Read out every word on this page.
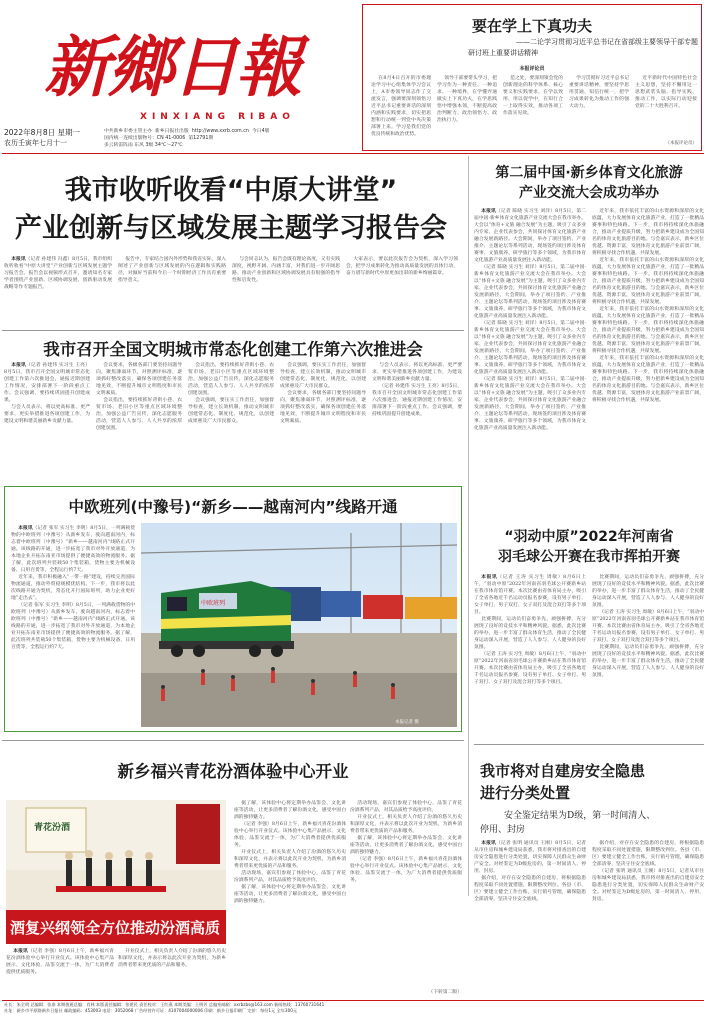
新鄉日報
XINXIANG RIBAO
2022年8月8日 星期一
农历壬寅年七月十一
中共新乡市委主管主办 新乡日报社出版 http://www.xxrb.com.cn 今日4版
国内统一连续出版物号：CN 41-0006 第12791期
多云转雷阵雨 东风 3级 34℃～27℃
要在学上下真功夫
——二论学习贯彻习近平总书记在省部级主要领导干部专题
研讨班上重要讲话精神
本报评论员

在8月4日召开的市委理论学习中心组集体学习会议上，A市委领导同志作了交流发言，强调要深刻领悟习近平总书记重要讲话的深刻内涵和实践要求，切实把思想和行动统一到党中央决策部署上来。学习是我们党的优良传统和政治优势。

领导干部要带头学习，把学习作为一种责任、一种追求、一种境界，在学懂弄通做实上下真功夫，在学思践悟中增强本领，不断提高政治判断力、政治领悟力、政治执行力。

范之处，要深刻领会党的创新理论的科学体系、核心要义和实践要求，在学以致用、用以促学中，在知行合一上取得实效，推动各项工作落实见效。

学习贯彻好习近平总书记重要讲话精神，要坚持学思用贯通、知信行统一，把学习成果转化为推动工作的强大动力。

近平新时代中国特色社会主义思想，坚持不懈用这一思想武装头脑、指导实践、推动工作，以实际行动迎接党的二十大胜利召开。

（本报评论员）
我市收听收看“中原大讲堂”
产业创新与区域发展主题学习报告会

本报讯（记者 孙建伟 冯鑫）8月5日，我市组织收听收看“中原大讲堂”产业创新与区域发展主题学习报告会。报告会以视频形式召开，邀请知名专家学者围绕产业创新、区域协调发展、创新驱动发展战略等作专题报告。

报告中，专家结合国内外形势和我省实际，深入阐述了产业创新与区域发展的内在逻辑和实践路径，对做好当前和今后一个时期经济工作具有重要指导意义。

与会同志认为，报告会既有理论高度，又有实践深度，视野开阔、内涵丰富，对我们进一步开阔思路、推动产业创新和区域协调发展具有很强的指导性和启发性。

大家表示，要以此次报告会为契机，深入学习领会，把学习成果转化为推动高质量发展的具体行动，奋力谱写新时代中原更加出彩的新乡绚丽篇章。

第二届中国·新乡体育文化旅游
产业交流大会成功举办

本报讯（记者 陈晓 实习生 刘洋）8月5日，第二届中国·新乡体育文化旅游产业交流大会在我市举办。大会以“体育+文旅 融合发展”为主题，吸引了众多业内专家、企业代表参会，共同探讨体育文化旅游产业融合发展新路径。大会期间，举办了项目签约、产业推介、主题论坛等系列活动，现场签约项目涉及体育赛事、文旅康养、研学旅行等多个领域，为我市体育文化旅游产业高质量发展注入新动能。

（记者 陈晓 实习生 刘洋）8月5日，第二届中国·新乡体育文化旅游产业交流大会在我市举办。大会以“体育+文旅 融合发展”为主题，吸引了众多业内专家、企业代表参会，共同探讨体育文化旅游产业融合发展新路径。大会期间，举办了项目签约、产业推介、主题论坛等系列活动，现场签约项目涉及体育赛事、文旅康养、研学旅行等多个领域，为我市体育文化旅游产业高质量发展注入新动能。

（记者 陈晓 实习生 刘洋）8月5日，第二届中国·新乡体育文化旅游产业交流大会在我市举办。大会以“体育+文旅 融合发展”为主题，吸引了众多业内专家、企业代表参会，共同探讨体育文化旅游产业融合发展新路径。大会期间，举办了项目签约、产业推介、主题论坛等系列活动，现场签约项目涉及体育赛事、文旅康养、研学旅行等多个领域，为我市体育文化旅游产业高质量发展注入新动能。

（记者 陈晓 实习生 刘洋）8月5日，第二届中国·新乡体育文化旅游产业交流大会在我市举办。大会以“体育+文旅 融合发展”为主题，吸引了众多业内专家、企业代表参会，共同探讨体育文化旅游产业融合发展新路径。大会期间，举办了项目签约、产业推介、主题论坛等系列活动，现场签约项目涉及体育赛事、文旅康养、研学旅行等多个领域，为我市体育文化旅游产业高质量发展注入新动能。

近年来，我市依托丰富的山水资源和深厚的文化底蕴，大力发展体育文化旅游产业，打造了一批精品赛事和特色线路。下一步，我市将持续深化体旅融合，推动产业提质升级，努力把新乡建设成为全国知名的体育文化旅游目的地。与会嘉宾表示，新乡区位优越、资源丰富，发展体育文化旅游产业前景广阔，将积极寻找合作机遇，共谋发展。

近年来，我市依托丰富的山水资源和深厚的文化底蕴，大力发展体育文化旅游产业，打造了一批精品赛事和特色线路。下一步，我市将持续深化体旅融合，推动产业提质升级，努力把新乡建设成为全国知名的体育文化旅游目的地。与会嘉宾表示，新乡区位优越、资源丰富，发展体育文化旅游产业前景广阔，将积极寻找合作机遇，共谋发展。

近年来，我市依托丰富的山水资源和深厚的文化底蕴，大力发展体育文化旅游产业，打造了一批精品赛事和特色线路。下一步，我市将持续深化体旅融合，推动产业提质升级，努力把新乡建设成为全国知名的体育文化旅游目的地。与会嘉宾表示，新乡区位优越、资源丰富，发展体育文化旅游产业前景广阔，将积极寻找合作机遇，共谋发展。

近年来，我市依托丰富的山水资源和深厚的文化底蕴，大力发展体育文化旅游产业，打造了一批精品赛事和特色线路。下一步，我市将持续深化体旅融合，推动产业提质升级，努力把新乡建设成为全国知名的体育文化旅游目的地。与会嘉宾表示，新乡区位优越、资源丰富，发展体育文化旅游产业前景广阔，将积极寻找合作机遇，共谋发展。

我市召开全国文明城市常态化创建工作第六次推进会

本报讯（记者 孙建伟 实习生 王亮）8月5日，我市召开全国文明城市常态化创建工作第六次推进会，通报近期创建工作情况，安排部署下一阶段重点工作。会议强调，要持续巩固提升创建成果。

与会人员表示，将以更高标准、更严要求、更实举措推进各项创建工作，为建设文明和谐美丽新乡贡献力量。

会议要求，各级各部门要坚持问题导向，聚焦薄弱环节，对照测评标准，逐项抓好整改落实，确保各项创建任务落地见效，不断提升城市文明程度和市民文明素质。

会议指出，要持续抓好背街小巷、农贸市场、老旧小区等重点区域环境整治，加强公益广告宣传，深化志愿服务活动，营造人人参与、人人共享的浓厚创建氛围。

会议指出，要持续抓好背街小巷、农贸市场、老旧小区等重点区域环境整治，加强公益广告宣传，深化志愿服务活动，营造人人参与、人人共享的浓厚创建氛围。

会议强调，要压实工作责任，加强督导检查，建立长效机制，推动文明城市创建常态化、制度化、规范化，以创建成果惠及广大市民群众。

会议强调，要压实工作责任，加强督导检查，建立长效机制，推动文明城市创建常态化、制度化、规范化，以创建成果惠及广大市民群众。

会议要求，各级各部门要坚持问题导向，聚焦薄弱环节，对照测评标准，逐项抓好整改落实，确保各项创建任务落地见效，不断提升城市文明程度和市民文明素质。

与会人员表示，将以更高标准、更严要求、更实举措推进各项创建工作，为建设文明和谐美丽新乡贡献力量。

（记者 孙建伟 实习生 王亮）8月5日，我市召开全国文明城市常态化创建工作第六次推进会，通报近期创建工作情况，安排部署下一阶段重点工作。会议强调，要持续巩固提升创建成果。

中欧班列(中豫号)“新乡——越南河内”线路开通

本报讯（记者 张军 实习生 李明）8月5日，一列满载货物的中欧班列（中豫号）从新乡发车，驶向越南河内，标志着中欧班列（中豫号）“新乡——越南河内”线路正式开通。该线路的开通，进一步拓宽了我市对外开放通道，为本地企业开拓东南亚市场提供了便捷高效的物流服务。据了解，此次班列共装载50个集装箱，货物主要为机械设备、日用百货等，全程运行约7天。

近年来，我市积极融入“一带一路”建设，持续完善国际物流通道，推动外贸稳规模优结构。下一步，我市将以此次线路开通为契机，常态化开行国际班列，助力企业更好地“走出去”。

（记者 张军 实习生 李明）8月5日，一列满载货物的中欧班列（中豫号）从新乡发车，驶向越南河内，标志着中欧班列（中豫号）“新乡——越南河内”线路正式开通。该线路的开通，进一步拓宽了我市对外开放通道，为本地企业开拓东南亚市场提供了便捷高效的物流服务。据了解，此次班列共装载50个集装箱，货物主要为机械设备、日用百货等，全程运行约7天。

中欧班列
本报记者 摄
“羽动中原”2022年河南省
羽毛球公开赛在我市挥拍开赛

本报讯（记者 王涛 实习生 周敏）8月6日上午，“羽动中原”2022年河南省羽毛球公开赛新乡站在我市体育馆开赛。本次比赛由省体育局主办，吸引了全省各地近千名运动员报名参赛，设有男子单打、女子单打、男子双打、女子双打及混合双打等多个项目。

比赛期间，运动员们奋勇争先、顽强拼搏，充分展现了良好的竞技水平和精神风貌。据悉，此次比赛的举办，进一步丰富了群众体育生活，推动了全民健身运动深入开展，营造了人人参与、人人健身的良好氛围。

（记者 王涛 实习生 周敏）8月6日上午，“羽动中原”2022年河南省羽毛球公开赛新乡站在我市体育馆开赛。本次比赛由省体育局主办，吸引了全省各地近千名运动员报名参赛，设有男子单打、女子单打、男子双打、女子双打及混合双打等多个项目。

比赛期间，运动员们奋勇争先、顽强拼搏，充分展现了良好的竞技水平和精神风貌。据悉，此次比赛的举办，进一步丰富了群众体育生活，推动了全民健身运动深入开展，营造了人人参与、人人健身的良好氛围。

（记者 王涛 实习生 周敏）8月6日上午，“羽动中原”2022年河南省羽毛球公开赛新乡站在我市体育馆开赛。本次比赛由省体育局主办，吸引了全省各地近千名运动员报名参赛，设有男子单打、女子单打、男子双打、女子双打及混合双打等多个项目。

比赛期间，运动员们奋勇争先、顽强拼搏，充分展现了良好的竞技水平和精神风貌。据悉，此次比赛的举办，进一步丰富了群众体育生活，推动了全民健身运动深入开展，营造了人人参与、人人健身的良好氛围。

新乡福兴青花汾酒体验中心开业
青花汾酒
酒复兴纲领全方位推动汾酒高质

本报讯（记者 李强）8月6日上午，新乡福兴青花汾酒体验中心举行开业仪式。该体验中心集产品展示、文化体验、品鉴交流于一体，为广大消费者提供优质服务。

开业仪式上，相关负责人介绍了汾酒的悠久历史和深厚文化，并表示将以此次开业为契机，为新乡消费者带来更优质的产品和服务。

据了解，该体验中心将定期举办品鉴会、文化讲座等活动，让更多消费者了解汾酒文化，感受中国白酒的独特魅力。

（记者 李强）8月6日上午，新乡福兴青花汾酒体验中心举行开业仪式。该体验中心集产品展示、文化体验、品鉴交流于一体，为广大消费者提供优质服务。

开业仪式上，相关负责人介绍了汾酒的悠久历史和深厚文化，并表示将以此次开业为契机，为新乡消费者带来更优质的产品和服务。

活动现场，嘉宾们参观了体验中心，品鉴了青花汾酒系列产品，对其品质给予高度评价。

据了解，该体验中心将定期举办品鉴会、文化讲座等活动，让更多消费者了解汾酒文化，感受中国白酒的独特魅力。

活动现场，嘉宾们参观了体验中心，品鉴了青花汾酒系列产品，对其品质给予高度评价。

开业仪式上，相关负责人介绍了汾酒的悠久历史和深厚文化，并表示将以此次开业为契机，为新乡消费者带来更优质的产品和服务。

据了解，该体验中心将定期举办品鉴会、文化讲座等活动，让更多消费者了解汾酒文化，感受中国白酒的独特魅力。

（记者 李强）8月6日上午，新乡福兴青花汾酒体验中心举行开业仪式。该体验中心集产品展示、文化体验、品鉴交流于一体，为广大消费者提供优质服务。

（下转第二版）
我市将对自建房安全隐患
进行分类处置
安全鉴定结果为D级，第一时间清人、
停用、封房

本报讯（记者 张明 通讯员 王刚）8月5日，记者从市住房和城乡建设局获悉，我市将对排查出的自建房安全隐患进行分类处置，切实保障人民群众生命财产安全。对经鉴定为D级危房的，第一时间清人、停用、封房。

据介绍，对存在安全隐患的自建房，将根据隐患程度采取不同处置措施，限期整改到位。各县（市、区）要建立健全工作台账，实行销号管理，确保隐患全部清零，坚决守住安全底线。

据介绍，对存在安全隐患的自建房，将根据隐患程度采取不同处置措施，限期整改到位。各县（市、区）要建立健全工作台账，实行销号管理，确保隐患全部清零，坚决守住安全底线。

（记者 张明 通讯员 王刚）8月5日，记者从市住房和城乡建设局获悉，我市将对排查出的自建房安全隐患进行分类处置，切实保障人民群众生命财产安全。对经鉴定为D级危房的，第一时间清人、停用、封房。

社长：朱全明 总编辑：张泰 本期值班总编：肖林 本版责任编辑：张建民 责任校对：王红燕 本期美编：王明芳 总编室邮箱：xxrbzbs@163.com 新闻热线：13760731641
社址：新乡市平原路新乡日报社 邮政编码：453003 电话：3052068 广告经营许可证：4107004000006 印刷：新乡日报印刷厂 定价：每份1元 全年300元
